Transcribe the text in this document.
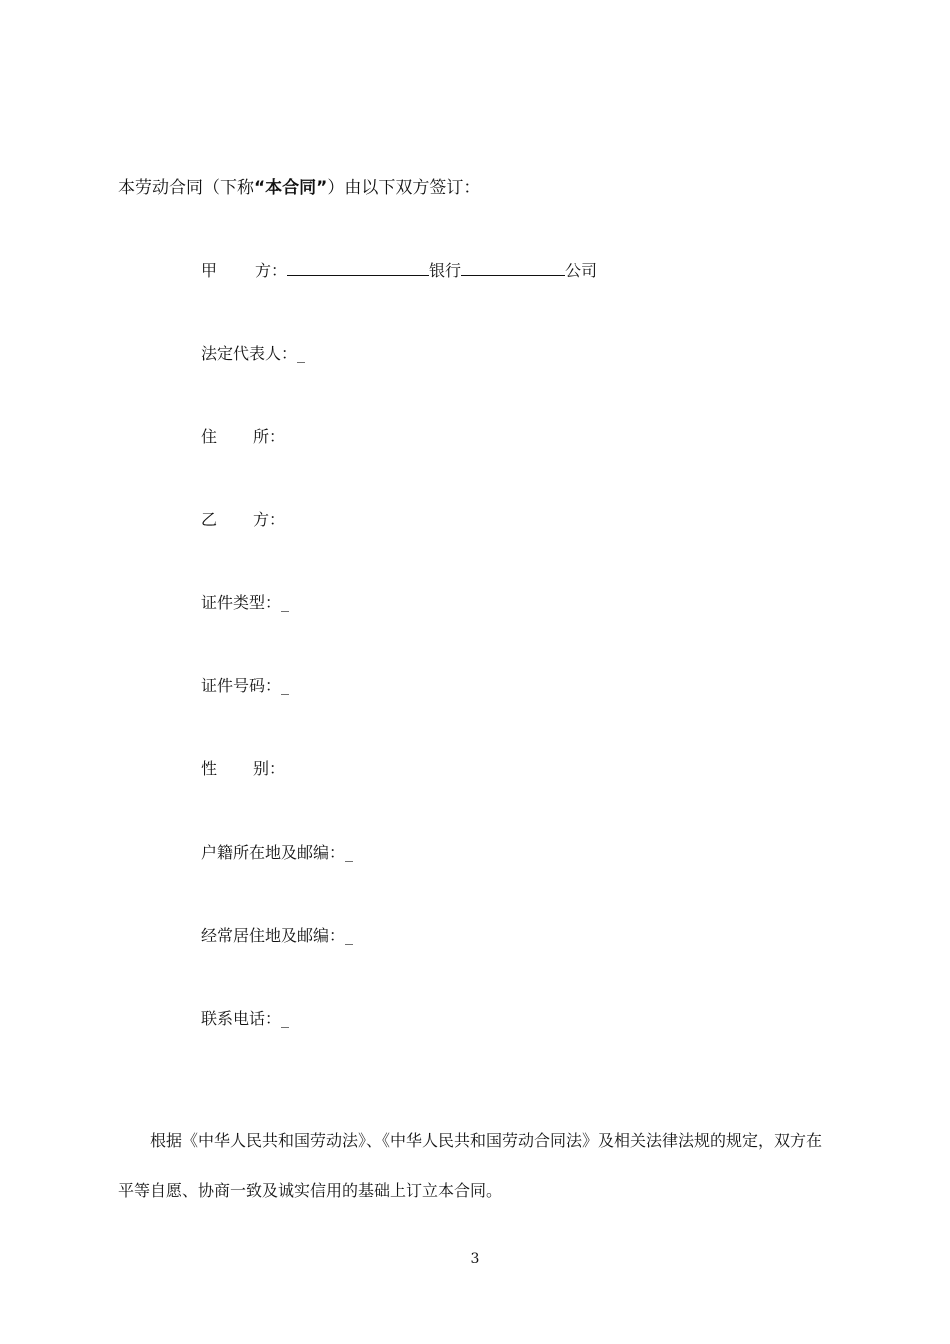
本劳动合同（下称“本合同”）由以下双方签订：
甲 方：	银行	公司
法定代表人：_
住 所：
乙 方：
证件类型：_
证件号码：_
性 别：
户籍所在地及邮编：_
经常居住地及邮编：_
联系电话：_
根据《中华人民共和国劳动法》、《中华人民共和国劳动合同法》及相关法律法规的规定，双方在
平等自愿、协商一致及诚实信用的基础上订立本合同。
3
